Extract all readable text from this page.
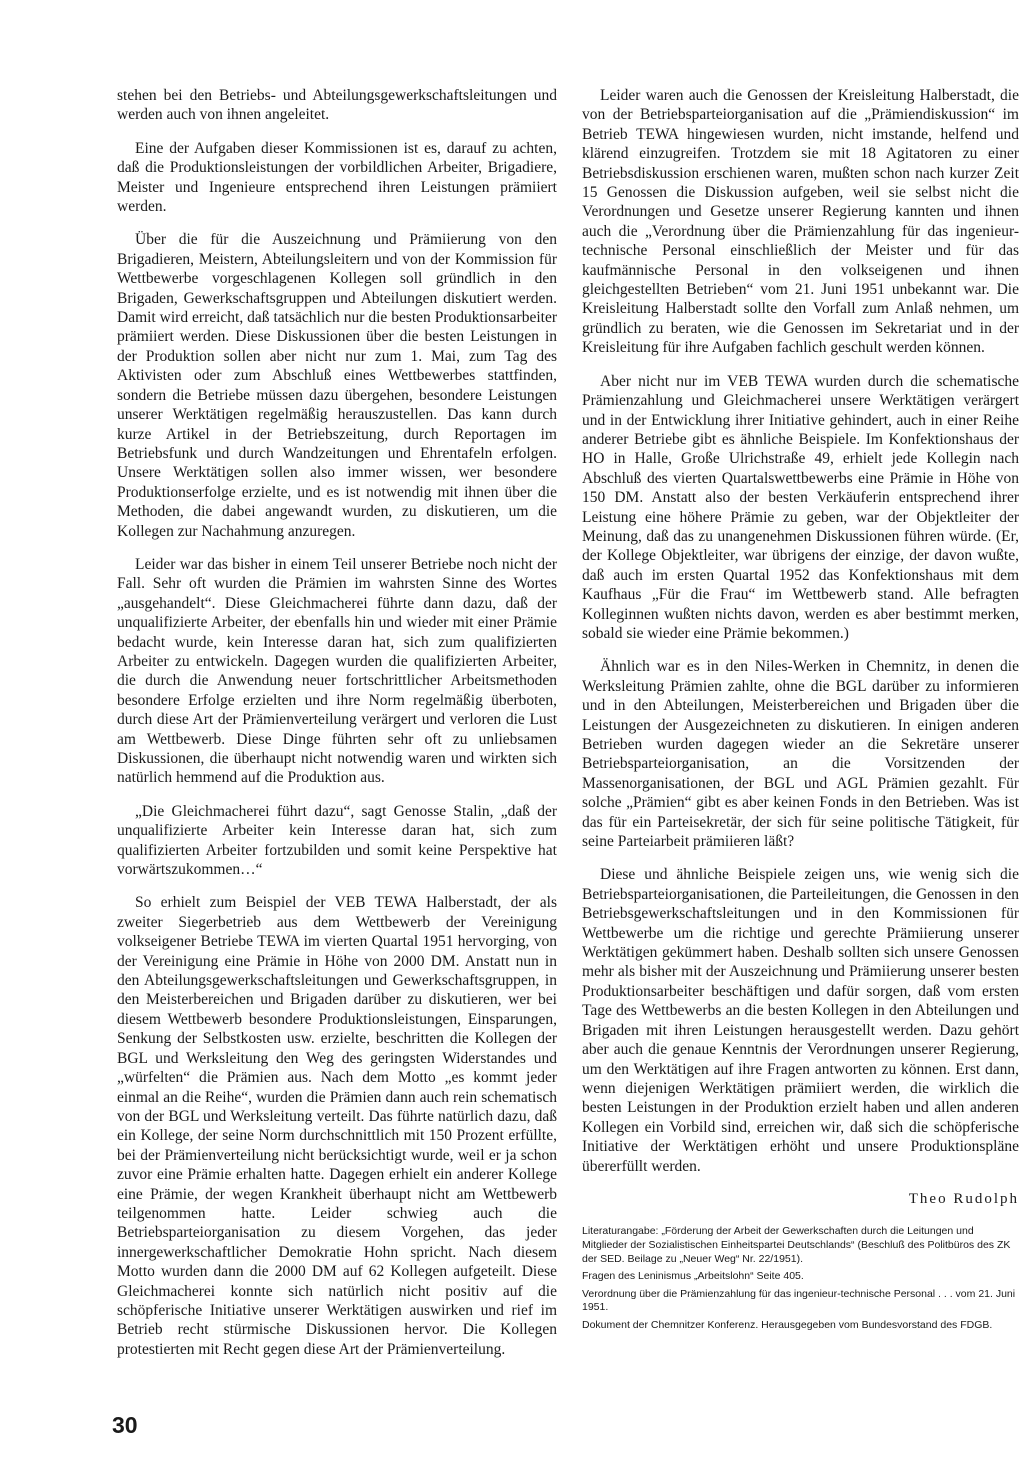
stehen bei den Betriebs- und Abteilungsgewerkschaftsleitungen und werden auch von ihnen angeleitet.

Eine der Aufgaben dieser Kommissionen ist es, darauf zu achten, daß die Produktionsleistungen der vorbildlichen Arbeiter, Brigadiere, Meister und Ingenieure entsprechend ihren Leistungen prämiiert werden.

Über die für die Auszeichnung und Prämiierung von den Brigadieren, Meistern, Abteilungsleitern und von der Kommission für Wettbewerbe vorgeschlagenen Kollegen soll gründlich in den Brigaden, Gewerkschaftsgruppen und Abteilungen diskutiert werden. Damit wird erreicht, daß tatsächlich nur die besten Produktionsarbeiter prämiiert werden. Diese Diskussionen über die besten Leistungen in der Produktion sollen aber nicht nur zum 1. Mai, zum Tag des Aktivisten oder zum Abschluß eines Wettbewerbes stattfinden, sondern die Betriebe müssen dazu übergehen, besondere Leistungen unserer Werktätigen regelmäßig herauszustellen. Das kann durch kurze Artikel in der Betriebszeitung, durch Reportagen im Betriebsfunk und durch Wandzeitungen und Ehrentafeln erfolgen. Unsere Werktätigen sollen also immer wissen, wer besondere Produktionserfolge erzielte, und es ist notwendig mit ihnen über die Methoden, die dabei angewandt wurden, zu diskutieren, um die Kollegen zur Nachahmung anzuregen.

Leider war das bisher in einem Teil unserer Betriebe noch nicht der Fall. Sehr oft wurden die Prämien im wahrsten Sinne des Wortes „ausgehandelt“. Diese Gleichmacherei führte dann dazu, daß der unqualifizierte Arbeiter, der ebenfalls hin und wieder mit einer Prämie bedacht wurde, kein Interesse daran hat, sich zum qualifizierten Arbeiter zu entwickeln. Dagegen wurden die qualifizierten Arbeiter, die durch die Anwendung neuer fortschrittlicher Arbeitsmethoden besondere Erfolge erzielten und ihre Norm regelmäßig überboten, durch diese Art der Prämienverteilung verärgert und verloren die Lust am Wettbewerb. Diese Dinge führten sehr oft zu unliebsamen Diskussionen, die überhaupt nicht notwendig waren und wirkten sich natürlich hemmend auf die Produktion aus.

„Die Gleichmacherei führt dazu“, sagt Genosse Stalin, „daß der unqualifizierte Arbeiter kein Interesse daran hat, sich zum qualifizierten Arbeiter fortzubilden und somit keine Perspektive hat vorwärtszukommen…“

So erhielt zum Beispiel der VEB TEWA Halberstadt, der als zweiter Siegerbetrieb aus dem Wettbewerb der Vereinigung volkseigener Betriebe TEWA im vierten Quartal 1951 hervorging, von der Vereinigung eine Prämie in Höhe von 2000 DM. Anstatt nun in den Abteilungsgewerkschaftsleitungen und Gewerkschaftsgruppen, in den Meisterbereichen und Brigaden darüber zu diskutieren, wer bei diesem Wettbewerb besondere Produktionsleistungen, Einsparungen, Senkung der Selbstkosten usw. erzielte, beschritten die Kollegen der BGL und Werksleitung den Weg des geringsten Widerstandes und „würfelten“ die Prämien aus. Nach dem Motto „es kommt jeder einmal an die Reihe“, wurden die Prämien dann auch rein schematisch von der BGL und Werksleitung verteilt. Das führte natürlich dazu, daß ein Kollege, der seine Norm durchschnittlich mit 150 Prozent erfüllte, bei der Prämienverteilung nicht berücksichtigt wurde, weil er ja schon zuvor eine Prämie erhalten hatte. Dagegen erhielt ein anderer Kollege eine Prämie, der wegen Krankheit überhaupt nicht am Wettbewerb teilgenommen hatte. Leider schwieg auch die Betriebsparteiorganisation zu diesem Vorgehen, das jeder innergewerkschaftlicher Demokratie Hohn spricht. Nach diesem Motto wurden dann die 2000 DM auf 62 Kollegen aufgeteilt. Diese Gleichmacherei konnte sich natürlich nicht positiv auf die schöpferische Initiative unserer Werktätigen auswirken und rief im Betrieb recht stürmische Diskussionen hervor. Die Kollegen protestierten mit Recht gegen diese Art der Prämienverteilung.

Leider waren auch die Genossen der Kreisleitung Halberstadt, die von der Betriebsparteiorganisation auf die „Prämiendiskussion“ im Betrieb TEWA hingewiesen wurden, nicht imstande, helfend und klärend einzugreifen. Trotzdem sie mit 18 Agitatoren zu einer Betriebsdiskussion erschienen waren, mußten schon nach kurzer Zeit 15 Genossen die Diskussion aufgeben, weil sie selbst nicht die Verordnungen und Gesetze unserer Regierung kannten und ihnen auch die „Verordnung über die Prämienzahlung für das ingenieur-technische Personal einschließlich der Meister und für das kaufmännische Personal in den volkseigenen und ihnen gleichgestellten Betrieben“ vom 21. Juni 1951 unbekannt war. Die Kreisleitung Halberstadt sollte den Vorfall zum Anlaß nehmen, um gründlich zu beraten, wie die Genossen im Sekretariat und in der Kreisleitung für ihre Aufgaben fachlich geschult werden können.

Aber nicht nur im VEB TEWA wurden durch die schematische Prämienzahlung und Gleichmacherei unsere Werktätigen verärgert und in der Entwicklung ihrer Initiative gehindert, auch in einer Reihe anderer Betriebe gibt es ähnliche Beispiele. Im Konfektionshaus der HO in Halle, Große Ulrichstraße 49, erhielt jede Kollegin nach Abschluß des vierten Quartalswettbewerbs eine Prämie in Höhe von 150 DM. Anstatt also der besten Verkäuferin entsprechend ihrer Leistung eine höhere Prämie zu geben, war der Objektleiter der Meinung, daß das zu unangenehmen Diskussionen führen würde. (Er, der Kollege Objektleiter, war übrigens der einzige, der davon wußte, daß auch im ersten Quartal 1952 das Konfektionshaus mit dem Kaufhaus „Für die Frau“ im Wettbewerb stand. Alle befragten Kolleginnen wußten nichts davon, werden es aber bestimmt merken, sobald sie wieder eine Prämie bekommen.)

Ähnlich war es in den Niles-Werken in Chemnitz, in denen die Werksleitung Prämien zahlte, ohne die BGL darüber zu informieren und in den Abteilungen, Meisterbereichen und Brigaden über die Leistungen der Ausgezeichneten zu diskutieren. In einigen anderen Betrieben wurden dagegen wieder an die Sekretäre unserer Betriebsparteiorganisation, an die Vorsitzenden der Massenorganisationen, der BGL und AGL Prämien gezahlt. Für solche „Prämien“ gibt es aber keinen Fonds in den Betrieben. Was ist das für ein Parteisekretär, der sich für seine politische Tätigkeit, für seine Parteiarbeit prämiieren läßt?

Diese und ähnliche Beispiele zeigen uns, wie wenig sich die Betriebsparteiorganisationen, die Parteileitungen, die Genossen in den Betriebsgewerkschaftsleitungen und in den Kommissionen für Wettbewerbe um die richtige und gerechte Prämiierung unserer Werktätigen gekümmert haben. Deshalb sollten sich unsere Genossen mehr als bisher mit der Auszeichnung und Prämiierung unserer besten Produktionsarbeiter beschäftigen und dafür sorgen, daß vom ersten Tage des Wettbewerbs an die besten Kollegen in den Abteilungen und Brigaden mit ihren Leistungen herausgestellt werden. Dazu gehört aber auch die genaue Kenntnis der Verordnungen unserer Regierung, um den Werktätigen auf ihre Fragen antworten zu können. Erst dann, wenn diejenigen Werktätigen prämiiert werden, die wirklich die besten Leistungen in der Produktion erzielt haben und allen anderen Kollegen ein Vorbild sind, erreichen wir, daß sich die schöpferische Initiative der Werktätigen erhöht und unsere Produktionspläne übererfüllt werden.

Theo Rudolph

Literaturangabe: „Förderung der Arbeit der Gewerkschaften durch die Leitungen und Mitglieder der Sozialistischen Einheitspartei Deutschlands“ (Beschluß des Politbüros des ZK der SED. Beilage zu „Neuer Weg“ Nr. 22/1951).

Fragen des Leninismus „Arbeitslohn“ Seite 405.

Verordnung über die Prämienzahlung für das ingenieur-technische Personal . . . vom 21. Juni 1951.

Dokument der Chemnitzer Konferenz. Herausgegeben vom Bundesvorstand des FDGB.

30
